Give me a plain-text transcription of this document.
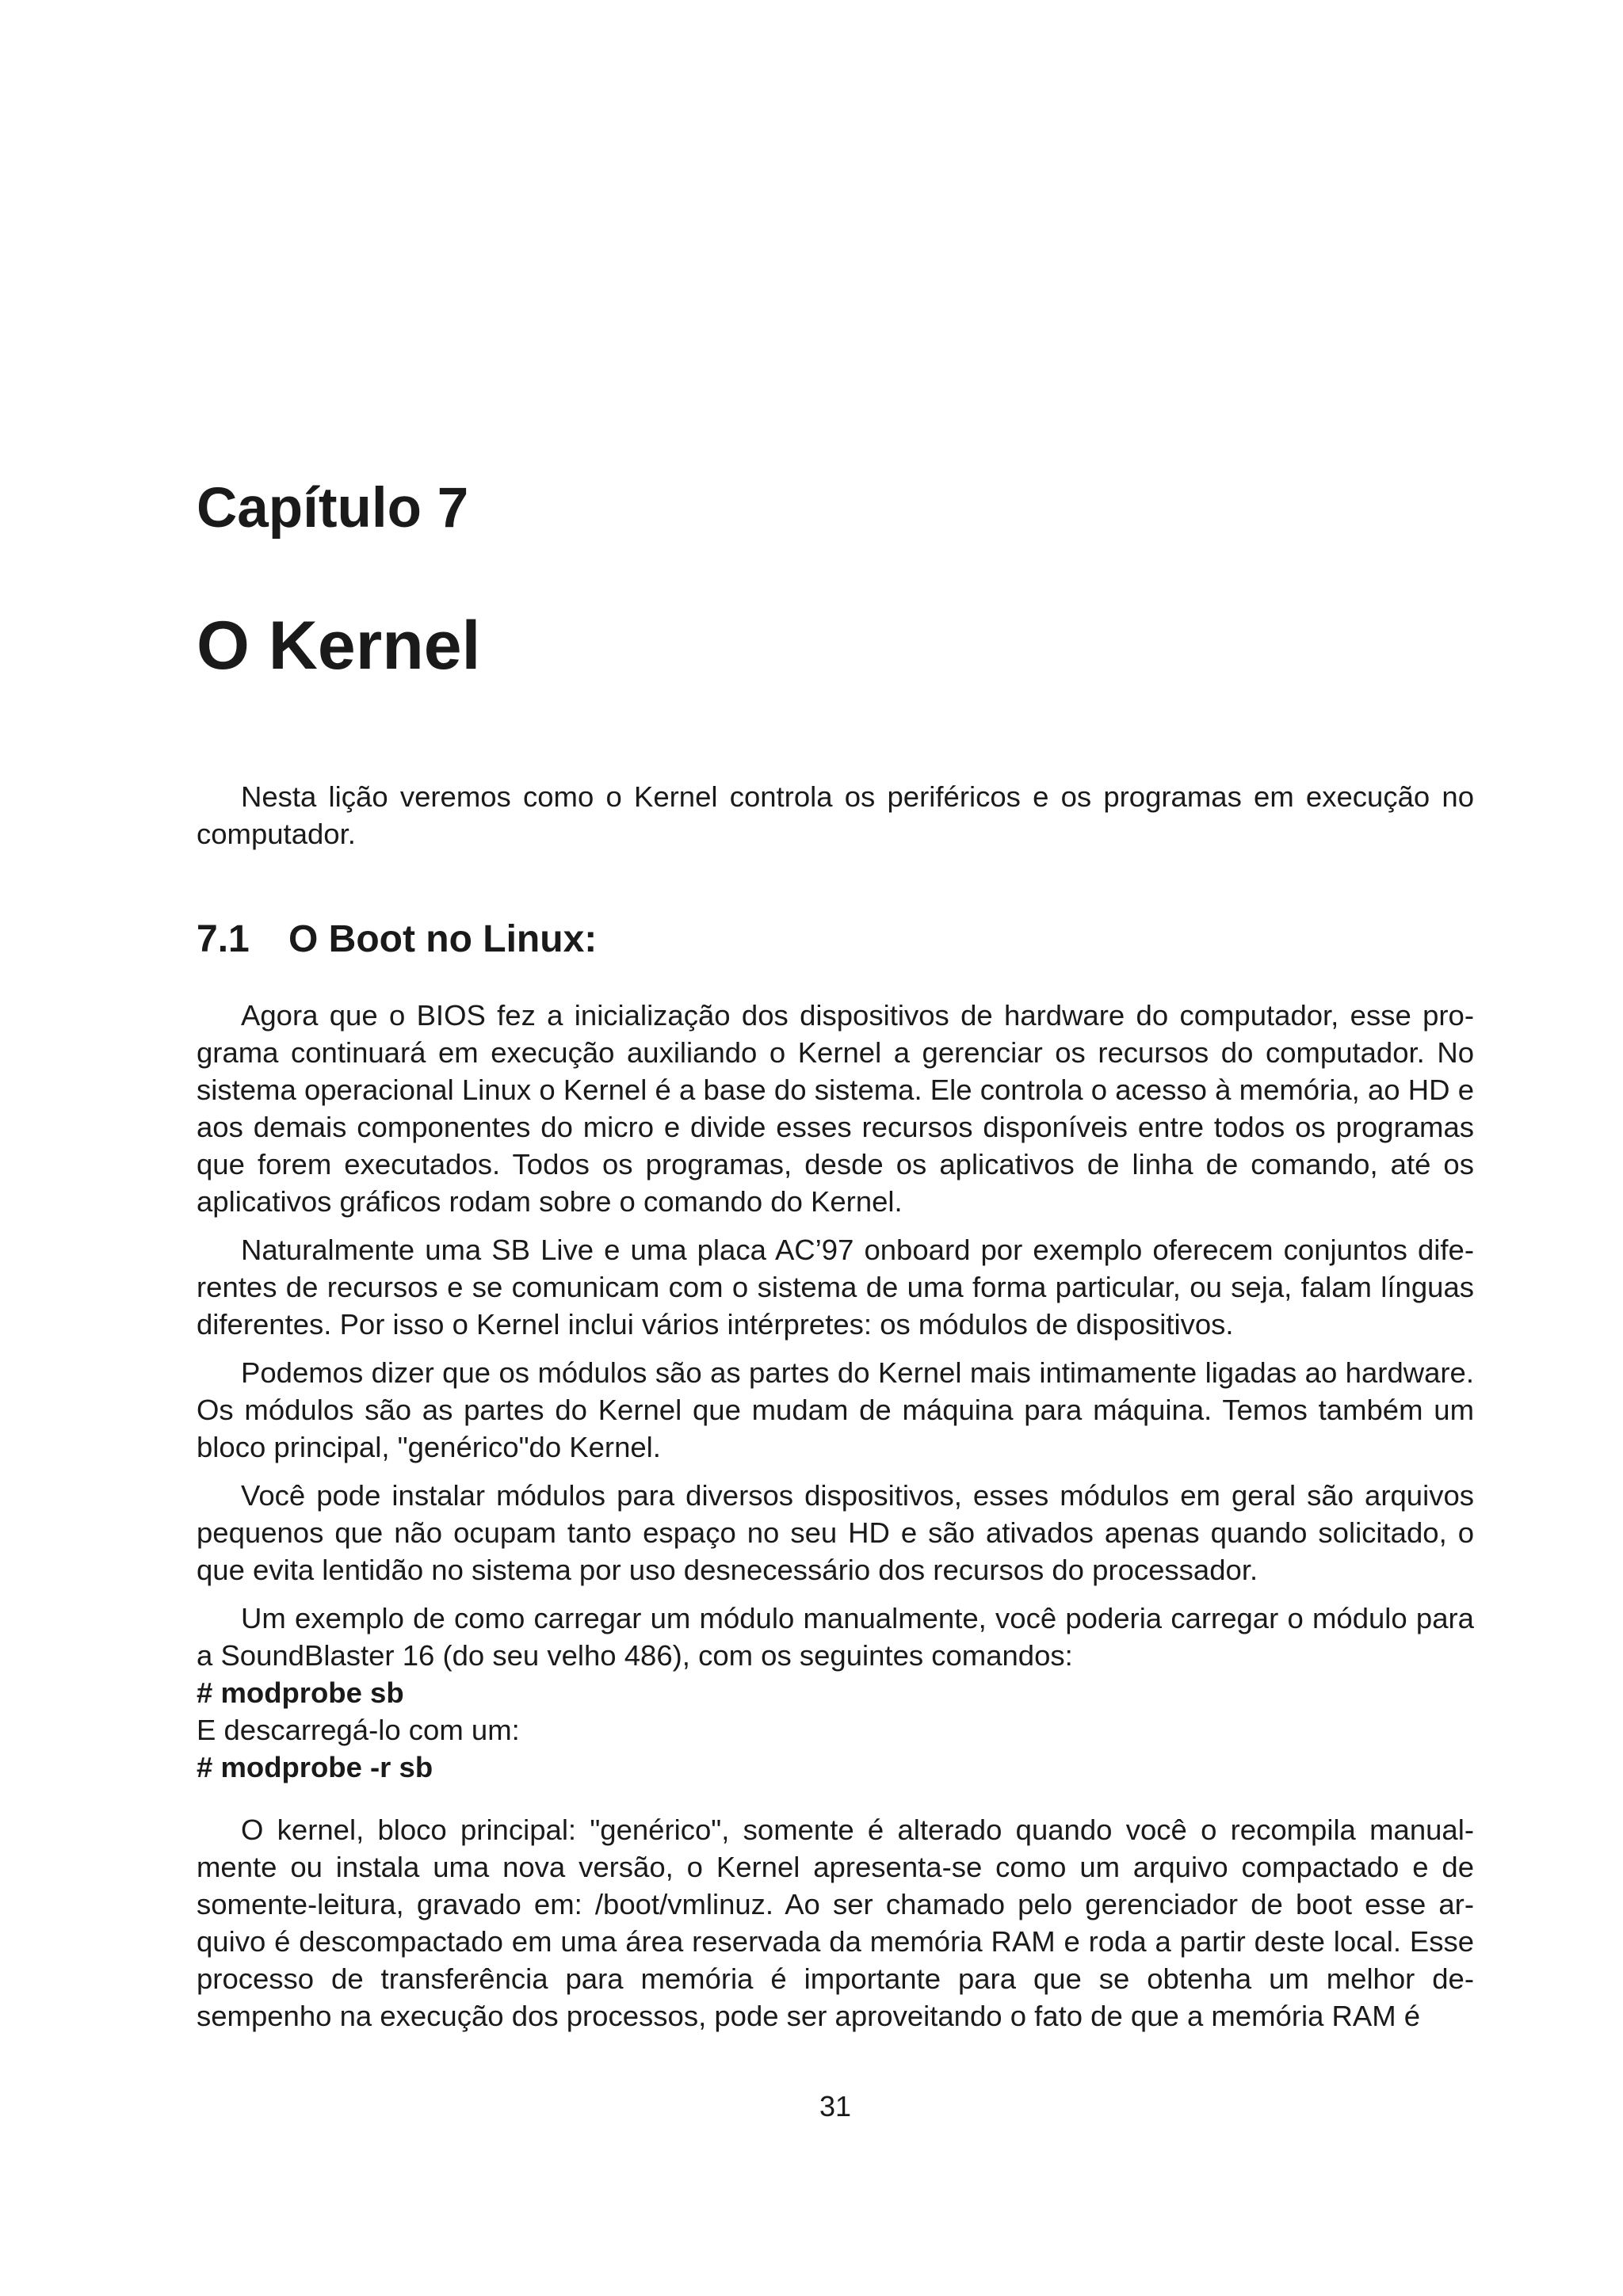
Capítulo 7
O Kernel

Nesta lição veremos como o Kernel controla os periféricos e os programas em execução no computador.

7.1	O Boot no Linux:

Agora que o BIOS fez a inicialização dos dispositivos de hardware do computador, esse programa continuará em execução auxiliando o Kernel a gerenciar os recursos do computador. No sistema operacional Linux o Kernel é a base do sistema. Ele controla o acesso à memória, ao HD e aos demais componentes do micro e divide esses recursos disponíveis entre todos os programas que forem executados. Todos os programas, desde os aplicativos de linha de comando, até os aplicativos gráficos rodam sobre o comando do Kernel.

Naturalmente uma SB Live e uma placa AC’97 onboard por exemplo oferecem conjuntos diferentes de recursos e se comunicam com o sistema de uma forma particular, ou seja, falam línguas diferentes. Por isso o Kernel inclui vários intérpretes: os módulos de dispositivos.

Podemos dizer que os módulos são as partes do Kernel mais intimamente ligadas ao hardware. Os módulos são as partes do Kernel que mudam de máquina para máquina. Temos também um bloco principal, "genérico"do Kernel.

Você pode instalar módulos para diversos dispositivos, esses módulos em geral são arquivos pequenos que não ocupam tanto espaço no seu HD e são ativados apenas quando solicitado, o que evita lentidão no sistema por uso desnecessário dos recursos do processador.

Um exemplo de como carregar um módulo manualmente, você poderia carregar o módulo para a SoundBlaster 16 (do seu velho 486), com os seguintes comandos:

# modprobe sb
E descarregá-lo com um:
# modprobe -r sb

O kernel, bloco principal: "genérico", somente é alterado quando você o recompila manualmente ou instala uma nova versão, o Kernel apresenta-se como um arquivo compactado e de somente-leitura, gravado em: /boot/vmlinuz. Ao ser chamado pelo gerenciador de boot esse arquivo é descompactado em uma área reservada da memória RAM e roda a partir deste local. Esse processo de transferência para memória é importante para que se obtenha um melhor desempenho na execução dos processos, pode ser aproveitando o fato de que a memória RAM é

31
